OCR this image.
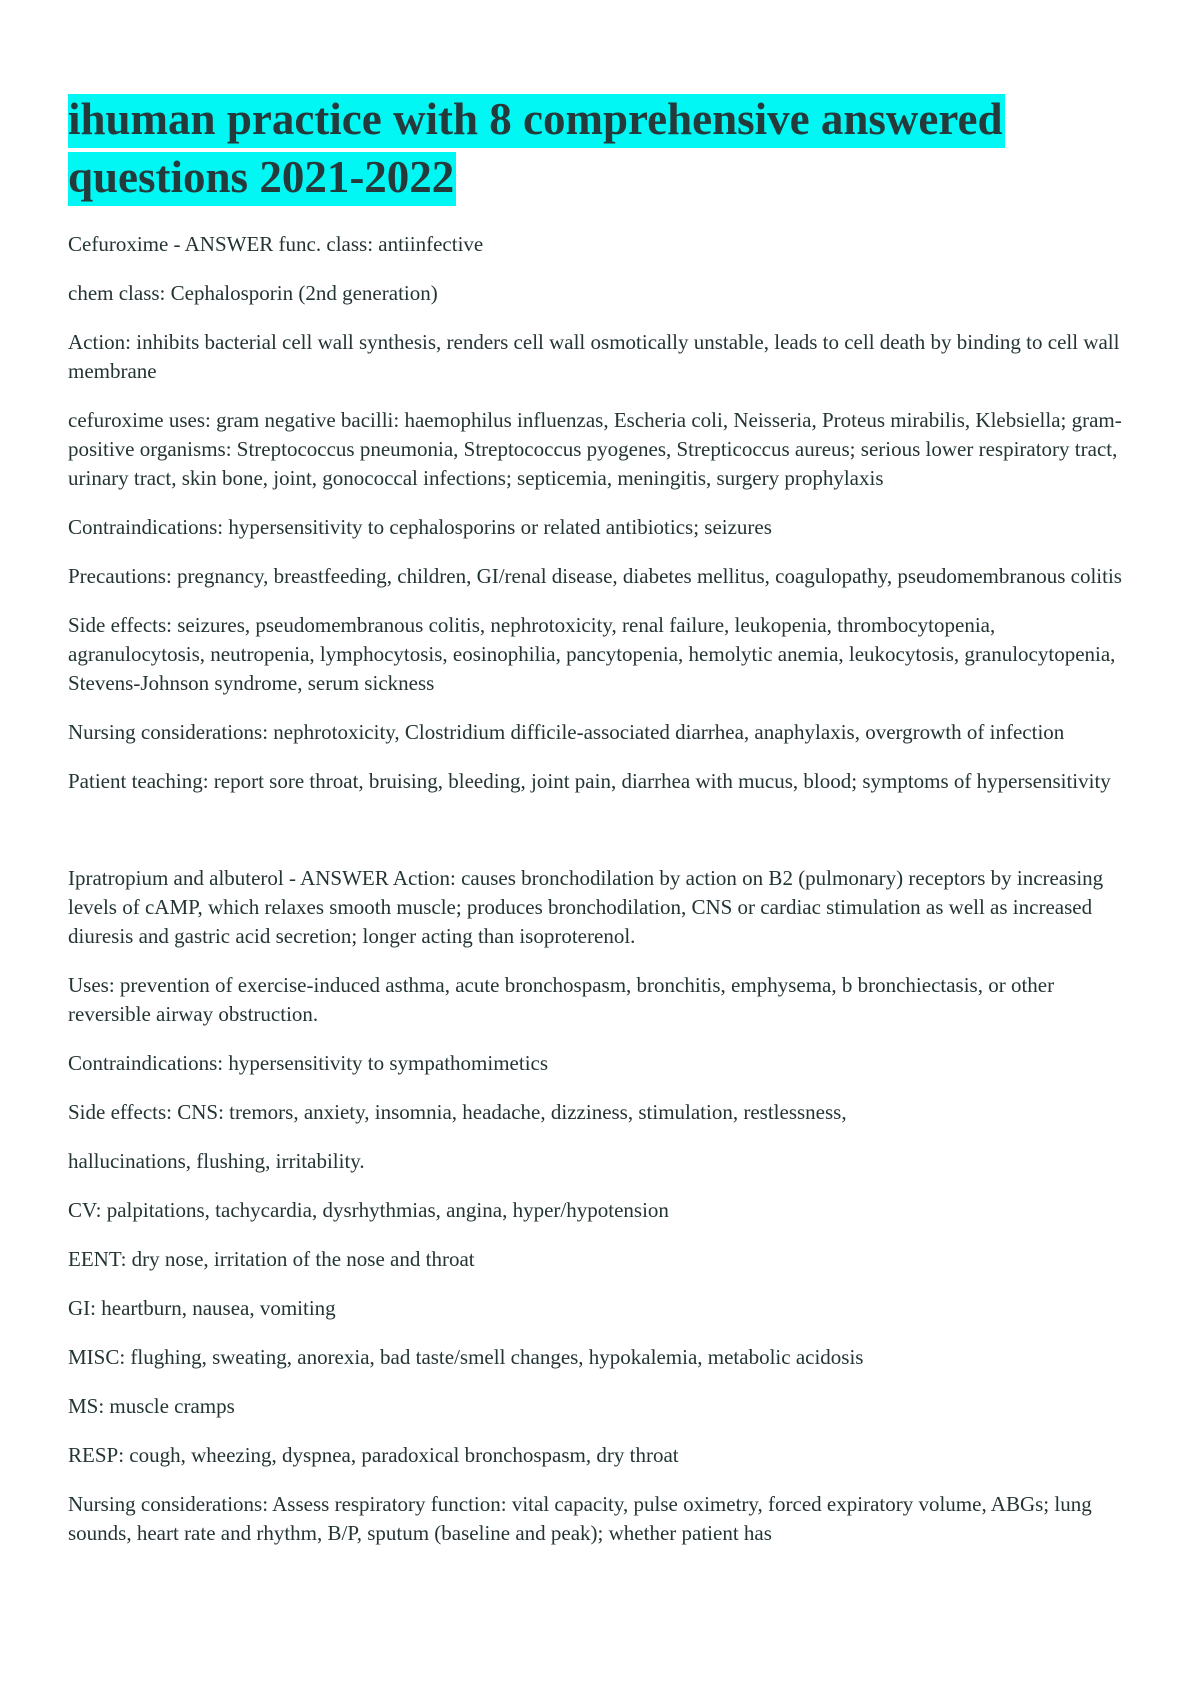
ihuman practice with 8 comprehensive answered questions 2021-2022

Cefuroxime - ANSWER func. class: antiinfective

chem class: Cephalosporin (2nd generation)

Action: inhibits bacterial cell wall synthesis, renders cell wall osmotically unstable, leads to cell death by binding to cell wall membrane

cefuroxime uses: gram negative bacilli: haemophilus influenzas, Escheria coli, Neisseria, Proteus mirabilis, Klebsiella; gram-positive organisms: Streptococcus pneumonia, Streptococcus pyogenes, Strepticoccus aureus; serious lower respiratory tract, urinary tract, skin bone, joint, gonococcal infections; septicemia, meningitis, surgery prophylaxis

Contraindications: hypersensitivity to cephalosporins or related antibiotics; seizures

Precautions: pregnancy, breastfeeding, children, GI/renal disease, diabetes mellitus, coagulopathy, pseudomembranous colitis

Side effects: seizures, pseudomembranous colitis, nephrotoxicity, renal failure, leukopenia, thrombocytopenia, agranulocytosis, neutropenia, lymphocytosis, eosinophilia, pancytopenia, hemolytic anemia, leukocytosis, granulocytopenia, Stevens-Johnson syndrome, serum sickness

Nursing considerations: nephrotoxicity, Clostridium difficile-associated diarrhea, anaphylaxis, overgrowth of infection

Patient teaching: report sore throat, bruising, bleeding, joint pain, diarrhea with mucus, blood; symptoms of hypersensitivity

Ipratropium and albuterol - ANSWER Action: causes bronchodilation by action on B2 (pulmonary) receptors by increasing levels of cAMP, which relaxes smooth muscle; produces bronchodilation, CNS or cardiac stimulation as well as increased diuresis and gastric acid secretion; longer acting than isoproterenol.

Uses: prevention of exercise-induced asthma, acute bronchospasm, bronchitis, emphysema, b bronchiectasis, or other reversible airway obstruction.

Contraindications: hypersensitivity to sympathomimetics

Side effects: CNS: tremors, anxiety, insomnia, headache, dizziness, stimulation, restlessness,

hallucinations, flushing, irritability.

CV: palpitations, tachycardia, dysrhythmias, angina, hyper/hypotension

EENT: dry nose, irritation of the nose and throat

GI: heartburn, nausea, vomiting

MISC: flughing, sweating, anorexia, bad taste/smell changes, hypokalemia, metabolic acidosis

MS: muscle cramps

RESP: cough, wheezing, dyspnea, paradoxical bronchospasm, dry throat

Nursing considerations: Assess respiratory function: vital capacity, pulse oximetry, forced expiratory volume, ABGs; lung sounds, heart rate and rhythm, B/P, sputum (baseline and peak); whether patient has
